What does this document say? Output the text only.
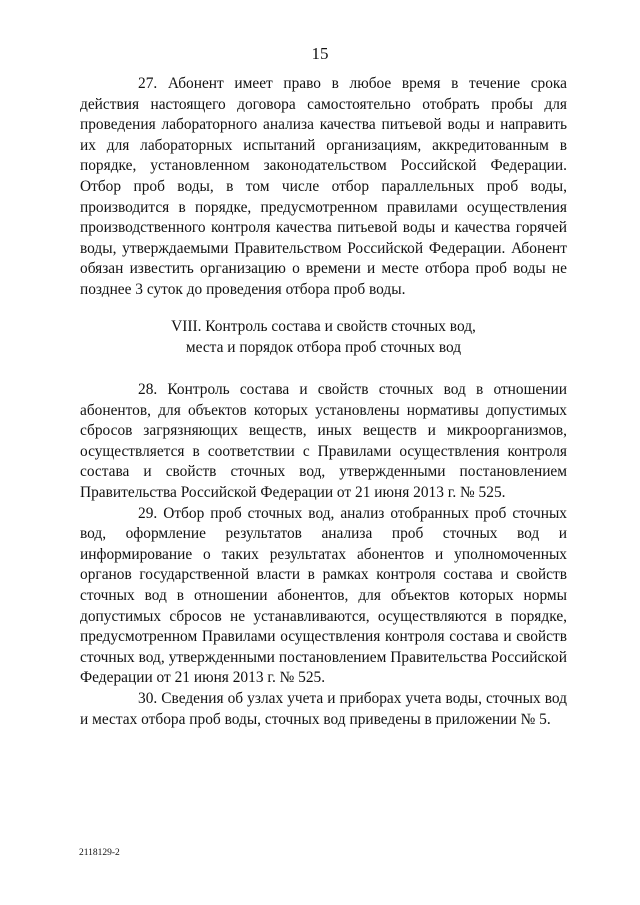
15

27. Абонент имеет право в любое время в течение срока действия настоящего договора самостоятельно отобрать пробы для проведения лабораторного анализа качества питьевой воды и направить их для лабораторных испытаний организациям, аккредитованным в порядке, установленном законодательством Российской Федерации. Отбор проб воды, в том числе отбор параллельных проб воды, производится в порядке, предусмотренном правилами осуществления производственного контроля качества питьевой воды и качества горячей воды, утверждаемыми Правительством Российской Федерации. Абонент обязан известить организацию о времени и месте отбора проб воды не позднее 3 суток до проведения отбора проб воды.

VIII. Контроль состава и свойств сточных вод,
места и порядок отбора проб сточных вод

28. Контроль состава и свойств сточных вод в отношении абонентов, для объектов которых установлены нормативы допустимых сбросов загрязняющих веществ, иных веществ и микроорганизмов, осуществляется в соответствии с Правилами осуществления контроля состава и свойств сточных вод, утвержденными постановлением Правительства Российской Федерации от 21 июня 2013 г. № 525.

29. Отбор проб сточных вод, анализ отобранных проб сточных вод, оформление результатов анализа проб сточных вод и информирование о таких результатах абонентов и уполномоченных органов государственной власти в рамках контроля состава и свойств сточных вод в отношении абонентов, для объектов которых нормы допустимых сбросов не устанавливаются, осуществляются в порядке, предусмотренном Правилами осуществления контроля состава и свойств сточных вод, утвержденными постановлением Правительства Российской Федерации от 21 июня 2013 г. № 525.

30. Сведения об узлах учета и приборах учета воды, сточных вод и местах отбора проб воды, сточных вод приведены в приложении № 5.

2118129-2
